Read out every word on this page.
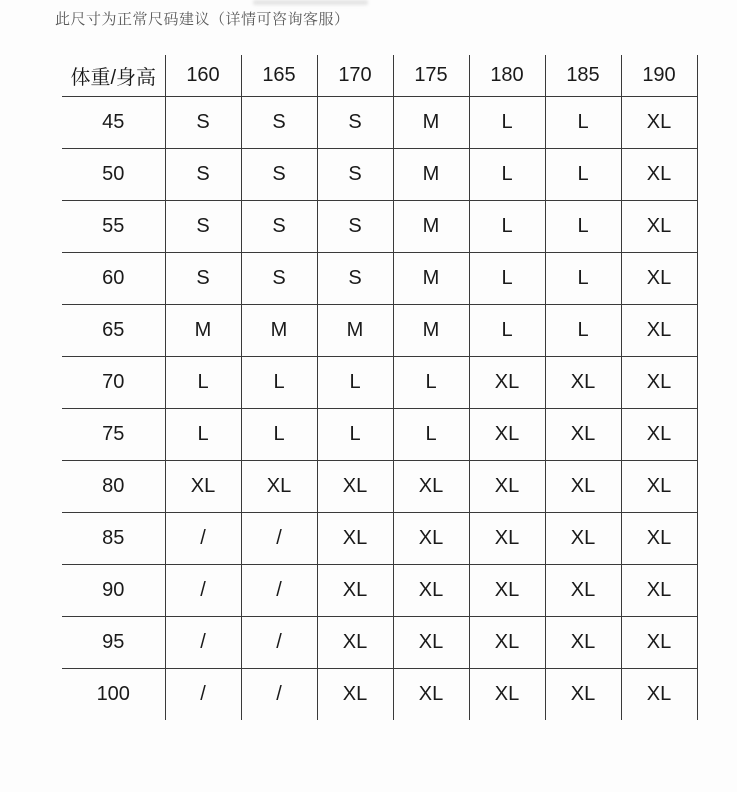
此尺寸为正常尺码建议（详情可咨询客服）
体重/身高	160	165	170	175	180	185	190
45	S	S	S	M	L	L	XL
50	S	S	S	M	L	L	XL
55	S	S	S	M	L	L	XL
60	S	S	S	M	L	L	XL
65	M	M	M	M	L	L	XL
70	L	L	L	L	XL	XL	XL
75	L	L	L	L	XL	XL	XL
80	XL	XL	XL	XL	XL	XL	XL
85	/	/	XL	XL	XL	XL	XL
90	/	/	XL	XL	XL	XL	XL
95	/	/	XL	XL	XL	XL	XL
100	/	/	XL	XL	XL	XL	XL
